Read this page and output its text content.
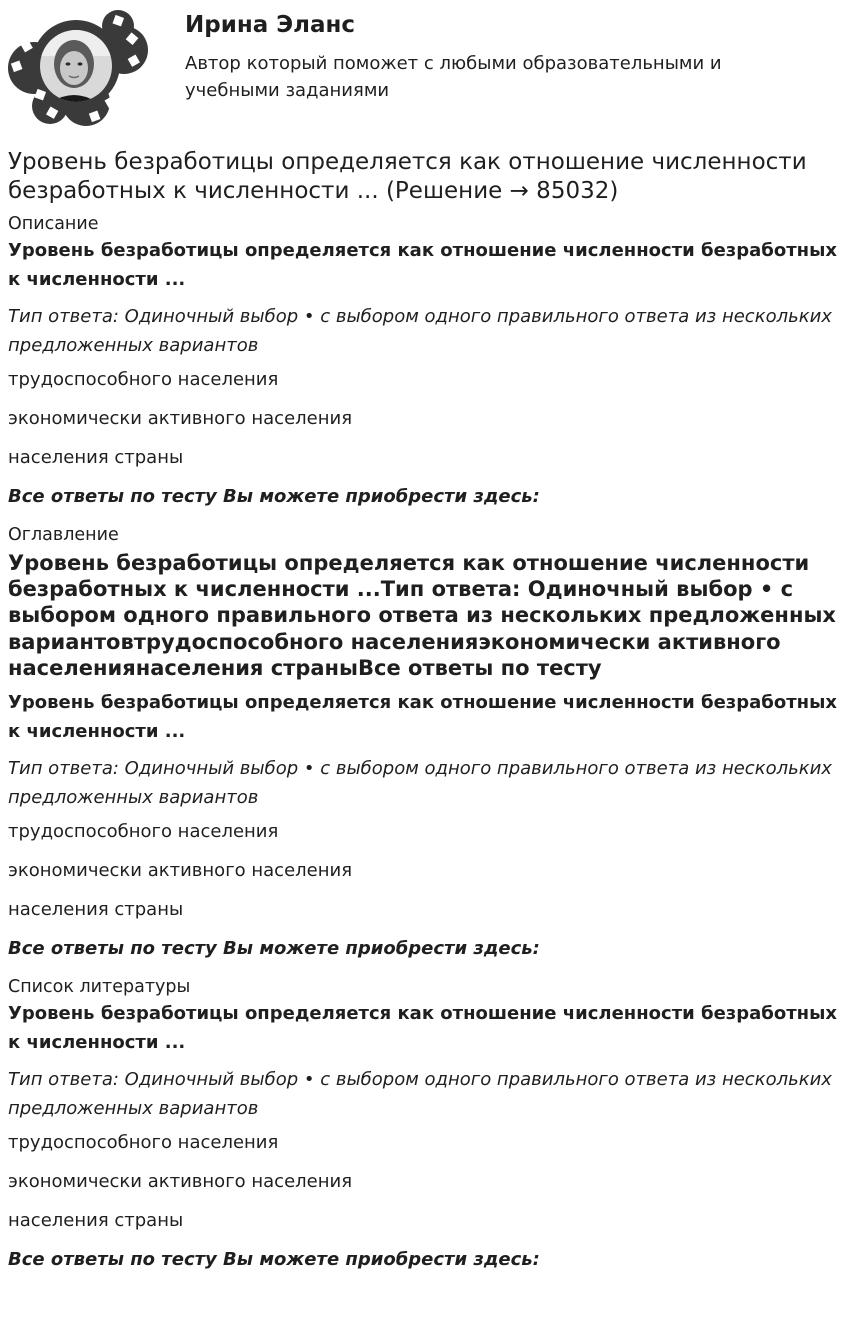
Ирина Эланс

Автор который поможет с любыми образовательными и учебными заданиями

Уровень безработицы определяется как отношение численности безработных к численности ... (Решение → 85032)

Описание

Уровень безработицы определяется как отношение численности безработных к численности ...

Тип ответа: Одиночный выбор • с выбором одного правильного ответа из нескольких предложенных вариантов

трудоспособного населения

экономически активного населения

населения страны

Все ответы по тесту Вы можете приобрести здесь:

Оглавление

Уровень безработицы определяется как отношение численности безработных к численности ...Тип ответа: Одиночный выбор • с выбором одного правильного ответа из нескольких предложенных вариантовтрудоспособного населенияэкономически активного населениянаселения страныВсе ответы по тесту

Уровень безработицы определяется как отношение численности безработных к численности ...

Тип ответа: Одиночный выбор • с выбором одного правильного ответа из нескольких предложенных вариантов

трудоспособного населения

экономически активного населения

населения страны

Все ответы по тесту Вы можете приобрести здесь:

Список литературы

Уровень безработицы определяется как отношение численности безработных к численности ...

Тип ответа: Одиночный выбор • с выбором одного правильного ответа из нескольких предложенных вариантов

трудоспособного населения

экономически активного населения

населения страны

Все ответы по тесту Вы можете приобрести здесь:
